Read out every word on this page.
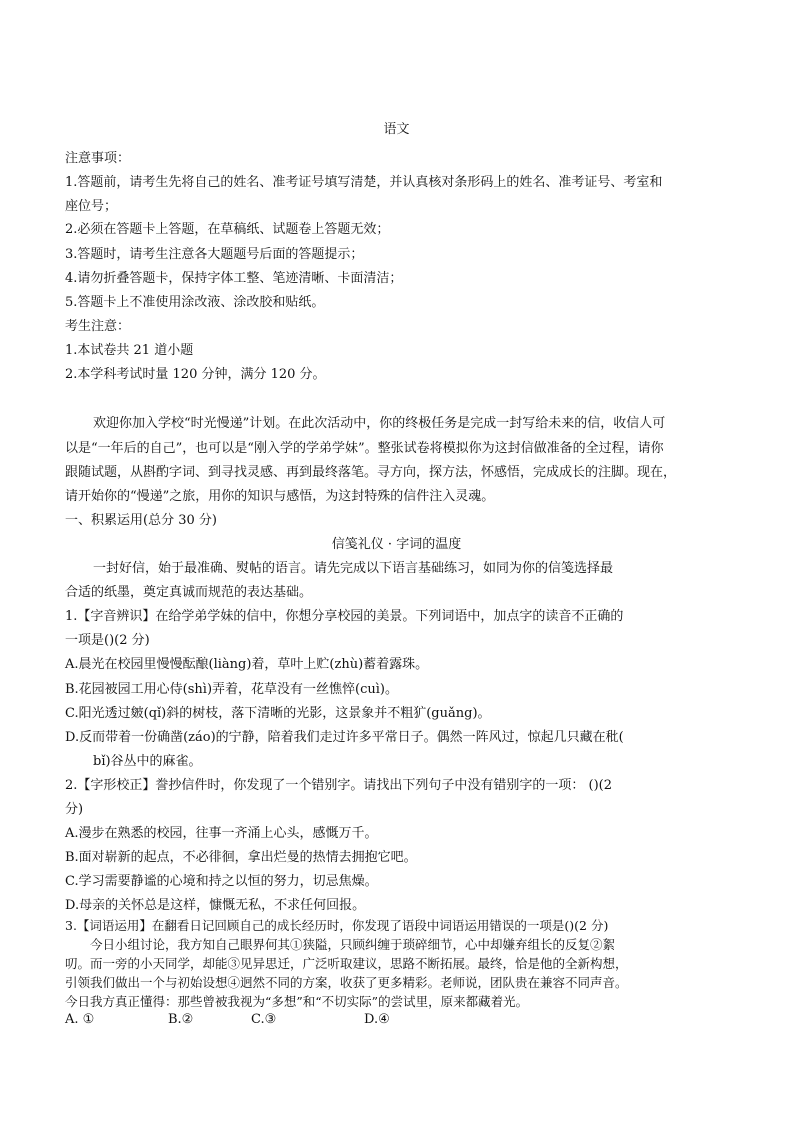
语文
注意事项：
1.答题前，请考生先将自己的姓名、准考证号填写清楚，并认真核对条形码上的姓名、准考证号、考室和
座位号；
2.必须在答题卡上答题，在草稿纸、试题卷上答题无效；
3.答题时，请考生注意各大题题号后面的答题提示；
4.请勿折叠答题卡，保持字体工整、笔迹清晰、卡面清洁；
5.答题卡上不准使用涂改液、涂改胶和贴纸。
考生注意：
1.本试卷共 21 道小题
2.本学科考试时量 120 分钟，满分 120 分。
欢迎你加入学校“时光慢递”计划。在此次活动中，你的终极任务是完成一封写给未来的信，收信人可
以是“一年后的自己”，也可以是“刚入学的学弟学妹”。整张试卷将模拟你为这封信做准备的全过程，请你
跟随试题，从斟酌字词、到寻找灵感、再到最终落笔。寻方向，探方法，怀感悟，完成成长的注脚。现在，
请开始你的“慢递”之旅，用你的知识与感悟，为这封特殊的信件注入灵魂。
一、积累运用(总分 30 分)
信笺礼仪 · 字词的温度
一封好信，始于最准确、熨帖的语言。请先完成以下语言基础练习，如同为你的信笺选择最
合适的纸墨，奠定真诚而规范的表达基础。
1.【字音辨识】在给学弟学妹的信中，你想分享校园的美景。下列词语中，加点字的读音不正确的
一项是()(2 分)
A.晨光在校园里慢慢酝酿(liàng)着，草叶上贮(zhù)蓄着露珠。
B.花园被园工用心侍(shì)弄着，花草没有一丝憔悴(cuì)。
C.阳光透过皴(qǐ)斜的树枝，落下清晰的光影，这景象并不粗犷(guǎng)。
D.反而带着一份确凿(záo)的宁静，陪着我们走过许多平常日子。偶然一阵风过，惊起几只藏在秕(
bǐ)谷丛中的麻雀。
2.【字形校正】誊抄信件时，你发现了一个错别字。请找出下列句子中没有错别字的一项： ()(2
分)
A.漫步在熟悉的校园，往事一齐涌上心头，感慨万千。
B.面对崭新的起点，不必徘徊，拿出烂曼的热情去拥抱它吧。
C.学习需要静谧的心境和持之以恒的努力，切忌焦燥。
D.母亲的关怀总是这样，慷慨无私，不求任何回报。
3.【词语运用】在翻看日记回顾自己的成长经历时，你发现了语段中词语运用错误的一项是()(2 分)
今日小组讨论，我方知自己眼界何其①狭隘，只顾纠缠于琐碎细节，心中却嫌弃组长的反复②絮
叨。而一旁的小天同学，却能③见异思迁，广泛听取建议，思路不断拓展。最终，恰是他的全新构想，
引领我们做出一个与初始设想④迥然不同的方案，收获了更多精彩。老师说，团队贵在兼容不同声音。
今日我方真正懂得：那些曾被我视为“多想”和“不切实际”的尝试里，原来都藏着光。
A. ①	B.②	C.③	D.④
